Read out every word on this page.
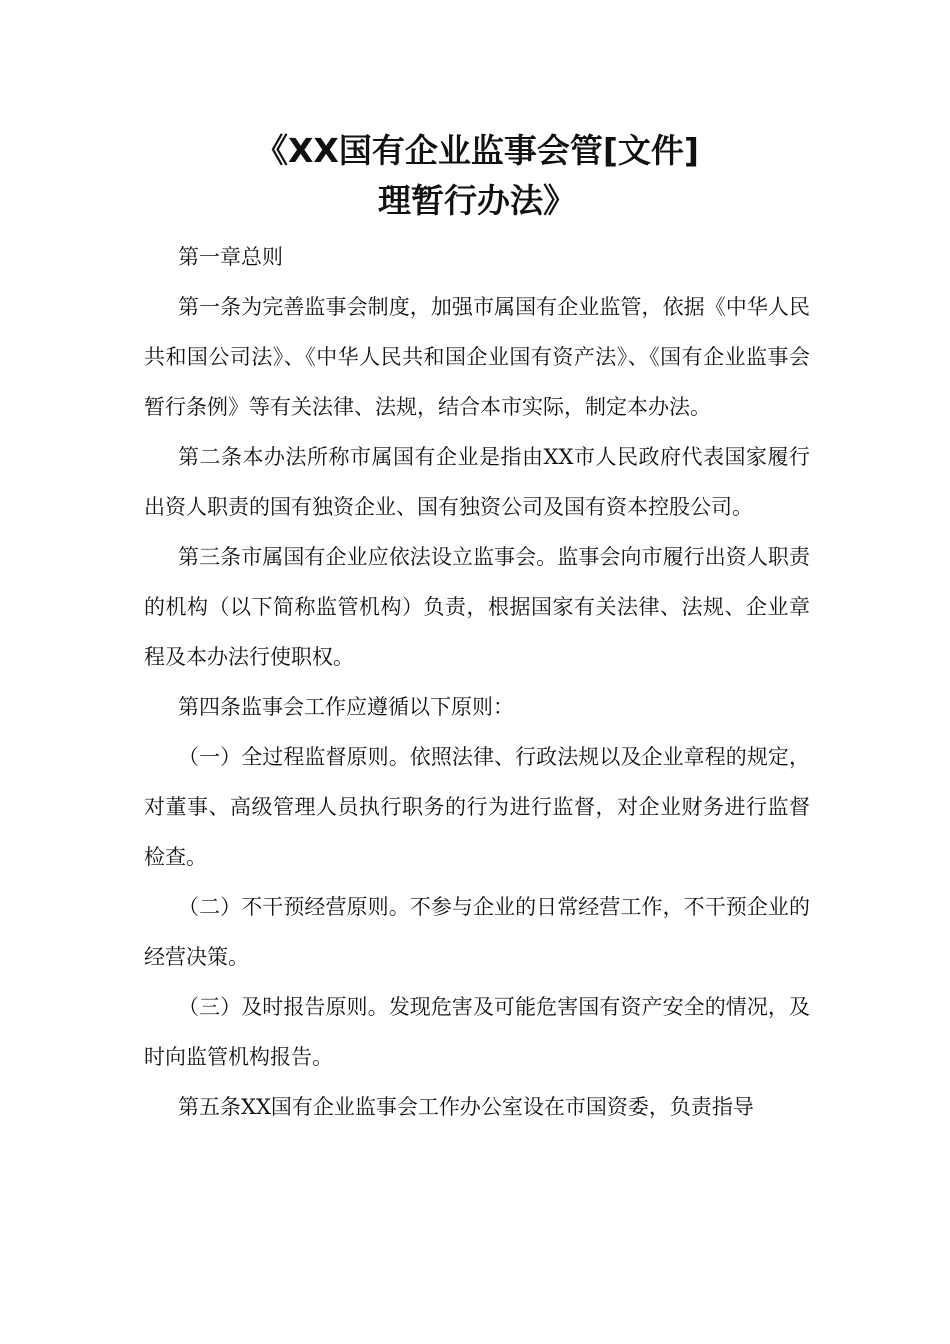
《XX国有企业监事会管[文件]
理暂行办法》

第一章总则

第一条为完善监事会制度，加强市属国有企业监管，依据《中华人民共和国公司法》、《中华人民共和国企业国有资产法》、《国有企业监事会暂行条例》等有关法律、法规，结合本市实际，制定本办法。

第二条本办法所称市属国有企业是指由XX市人民政府代表国家履行出资人职责的国有独资企业、国有独资公司及国有资本控股公司。

第三条市属国有企业应依法设立监事会。监事会向市履行出资人职责的机构（以下简称监管机构）负责，根据国家有关法律、法规、企业章程及本办法行使职权。

第四条监事会工作应遵循以下原则：

（一）全过程监督原则。依照法律、行政法规以及企业章程的规定，对董事、高级管理人员执行职务的行为进行监督，对企业财务进行监督检查。

（二）不干预经营原则。不参与企业的日常经营工作，不干预企业的经营决策。

（三）及时报告原则。发现危害及可能危害国有资产安全的情况，及时向监管机构报告。

第五条XX国有企业监事会工作办公室设在市国资委，负责指导
